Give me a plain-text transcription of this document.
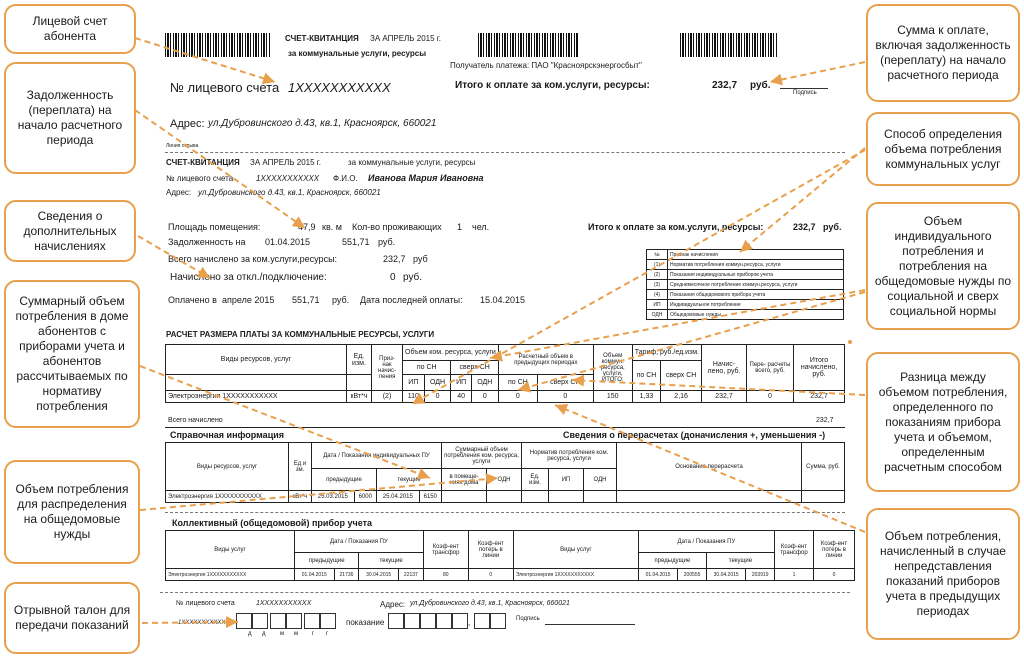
СЧЕТ-КВИТАНЦИЯ ЗА АПРЕЛЬ 2015 г.
за коммунальные услуги, ресурсы
Получатель платежа: ПАО "Красноярскэнергосбыт"
№ лицевого счета 1XXXXXXXXXXX	Итого к оплате за ком.услуги, ресурсы:	232,7 руб.
Подпись
Адрес: ул.Дубровинского д.43, кв.1, Красноярск, 660021
Линия отрыва
СЧЕТ-КВИТАНЦИЯ ЗА АПРЕЛЬ 2015 г.	за коммунальные услуги, ресурсы
№ лицевого счета	1XXXXXXXXXXX Ф.И.О. Иванова Мария Ивановна
Адрес: ул.Дубровинского д.43, кв.1, Красноярск, 660021
Площадь помещения:	47,9 кв. м Кол-во проживающих 1 чел.	Итого к оплате за ком.услуги, ресурсы:	232,7 руб.
Задолженность на 01.04.2015	551,71 руб.
Всего начислено за ком.услуги,ресурсы:	232,7 руб
Начислено за откл./подключение:	0 руб.
Оплачено в апреле 2015 551,71 руб. Дата последней оплаты: 15.04.2015
№	Признак начисления
(1)	Норматив потребления коммун.ресурса, услуги
(2)	Показания индивидуальных приборов учета
(3)	Среднемесячное потребление коммун.ресурса, услуги
(4)	Показания общедомового прибора учета
ИП	Индивидуальное потребление
ОДН	Общедомовые нужды
РАСЧЕТ РАЗМЕРА ПЛАТЫ ЗА КОММУНАЛЬНЫЕ РЕСУРСЫ, УСЛУГИ
Виды ресурсов, услуг	Ед. изм.	Приз- нак начис- ления	Объем ком. ресурса, услуги				Расчетный объем в предыдущих периодах		Объем коммун. ресурса, услуги, ИТОГО:	Тариф, руб./ед.изм.		Начис- лено, руб.	Пере- расчеты всего, руб.	Итого начислено, руб.
			по СН		сверх СН					по СН	сверх СН			
			ИП	ОДН	ИП	ОДН	по СН	сверх СН						
Электроэнергия 1XXXXXXXXXXX	кВт*ч	(2)	110	0	40	0	0	0	150	1,33	2,16	232,7	0	232,7
Всего начислено	232,7
Справочная информация	Сведения о перерасчетах (доначисления +, уменьшения -)
Виды ресурсов, услуг	Ед и зм.	Дата / Показания индивидуальных ПУ				Суммарный объем потребления ком. ресурса, услуги		Норматив потребления ком. ресурса, услуги			Основание перерасчета	Сумма, руб.
		предыдущие		текущие		в помеще- ниях дома	ОДН	Ед. изм.	ИП	ОДН		
Электроэнергия 1XXXXXXXXXXX	кВт*ч	25.03.2015	6000	25.04.2015	6150							
Коллективный (общедомовой) прибор учета
Виды услуг	Дата / Показания ПУ				Коэф-ент трансфор	Коэф-ент потерь в линии	Виды услуг	Дата / Показания ПУ				Коэф-ент трансфор	Коэф-ент потерь в линии
	предыдущие		текущие					предыдущие		текущие			
Электроэнергия 1XXXXXXXXXXX	01.04.2015	21736	30.04.2015	22137	80	0	Электроэнергия 1XXXXXXXXXXX	01.04.2015	200555	30.04.2015	203919	1	0
№ лицевого счета	1XXXXXXXXXXX	Адрес: ул.Дубровинского д.43, кв.1, Красноярск, 660021
1XXXXXXXXXXX
д д м м г г
показание	,	Подпись
Лицевой счет абонента
Задолженность (переплата) на начало расчетного периода
Сведения о дополнительных начислениях
Суммарный объем потребления в доме абонентов с приборами учета и абонентов рассчитываемых по нормативу потребления
Объем потребления для распределения на общедомовые нужды
Отрывной талон для передачи показаний
Сумма к оплате, включая задолженность (переплату) на начало расчетного периода
Способ определения объема потребления коммунальных услуг
Объем индивидуального потребления и потребления на общедомовые нужды по социальной и сверх социальной нормы
Разница между объемом потребления, определенного по показаниям прибора учета и объемом, определенным расчетным способом
Объем потребления, начисленный в случае непредставления показаний приборов учета в предыдущих периодах
